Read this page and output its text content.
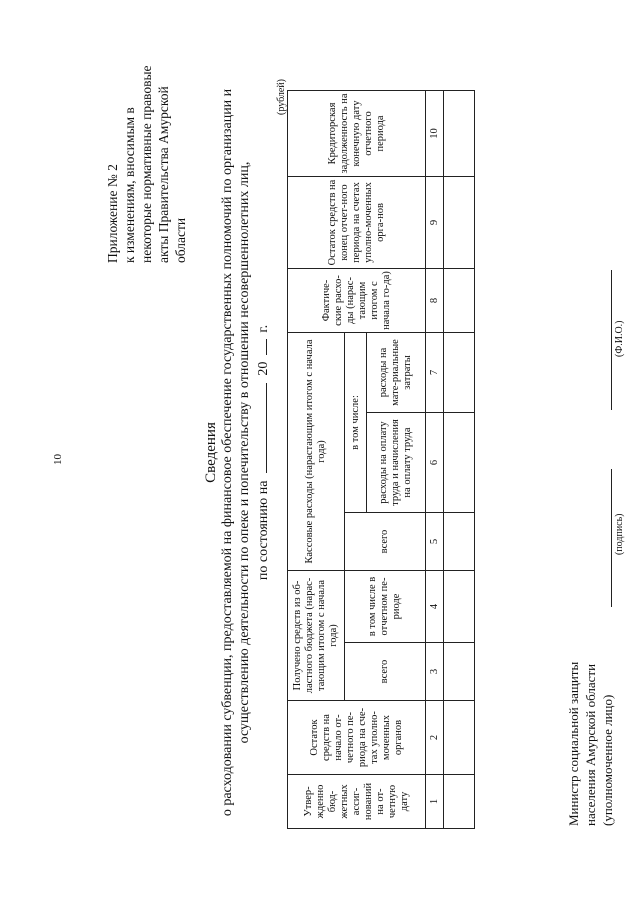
10
Приложение № 2 к изменениям, вносимым в некоторые нормативные правовые акты Правительства Амурской области
Сведения о расходовании субвенции, предоставляемой на финансовое обеспечение государственных полномочий по организации и осуществлению деятельности по опеке и попечительству в отношении несовершеннолетних лиц, по состоянию на  20  г.
(рублей)
Утвер-жденно бюд-жетных ассиг-нований на от-четную дату	Остаток средств на начало от-четного пе-риода на сче-тах уполно-моченных органов	Получено средств из об-ластного бюджета (нарас-тающим итогом с начала года)		Кассовые расходы (нарастающим итогом с начала года)			Фактиче-ские расхо-ды (нарас-тающим итогом с начала го-да)	Остаток средств на конец отчет-ного периода на счетах уполно-моченных орга-нов	Кредиторская задолженность на конечную дату отчетного периода
		всего	в том числе в отчетном пе-риоде	всего	в том числе:				
					расходы на оплату труда и начисления на оплату труда	расходы на мате-риальные затраты			
1	2	3	4	5	6	7	8	9	10

Министр социальной защиты населения Амурской области (уполномоченное лицо)
(подпись)
(Ф.И.О.)
